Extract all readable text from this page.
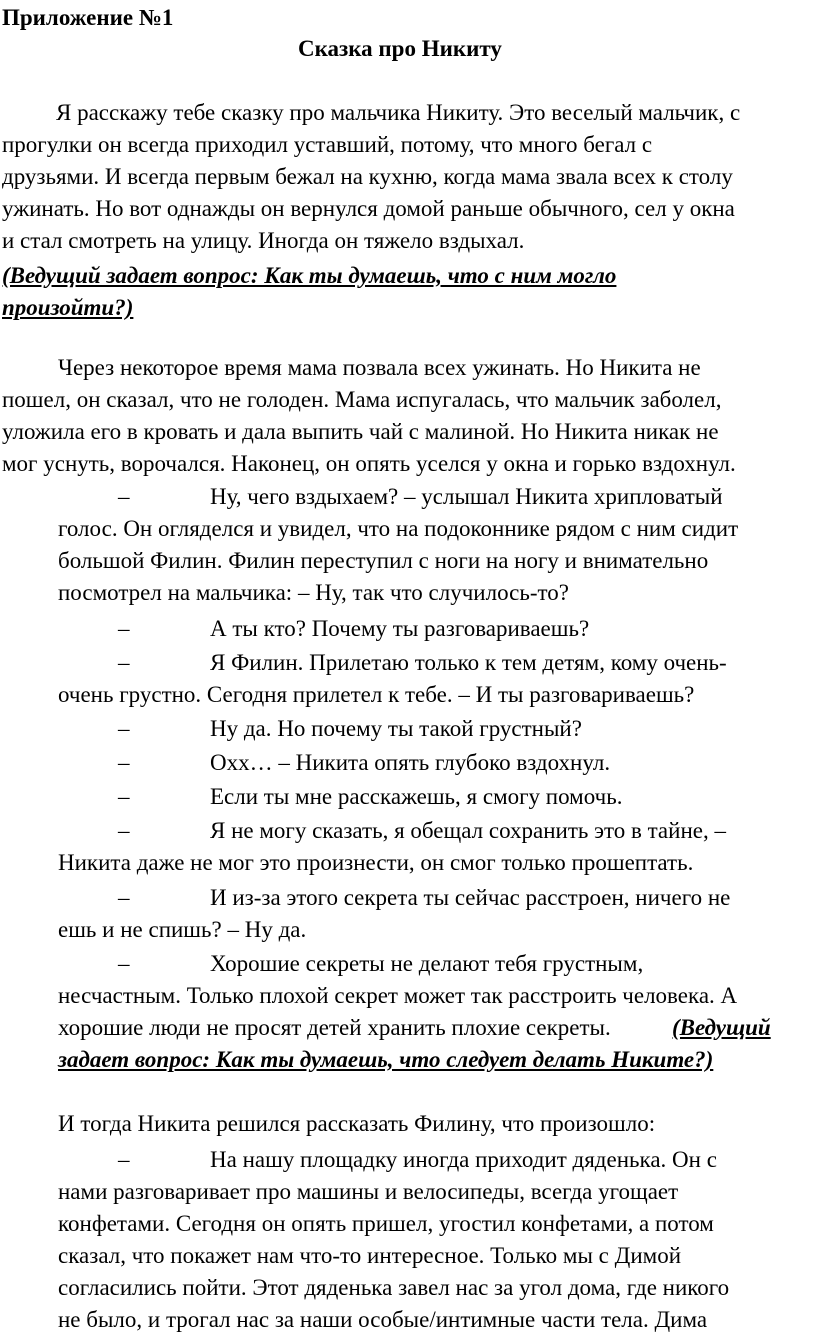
Приложение №1
Сказка про Никиту
Я расскажу тебе сказку про мальчика Никиту. Это веселый мальчик, с
прогулки он всегда приходил уставший, потому, что много бегал с
друзьями. И всегда первым бежал на кухню, когда мама звала всех к столу
ужинать. Но вот однажды он вернулся домой раньше обычного, сел у окна
и стал смотреть на улицу. Иногда он тяжело вздыхал.
(Ведущий задает вопрос: Как ты думаешь, что с ним могло
произойти?)
Через некоторое время мама позвала всех ужинать. Но Никита не
пошел, он сказал, что не голоден. Мама испугалась, что мальчик заболел,
уложила его в кровать и дала выпить чай с малиной. Но Никита никак не
мог уснуть, ворочался. Наконец, он опять уселся у окна и горько вздохнул.
–	Ну, чего вздыхаем? – услышал Никита хрипловатый
голос. Он огляделся и увидел, что на подоконнике рядом с ним сидит
большой Филин. Филин переступил с ноги на ногу и внимательно
посмотрел на мальчика: – Ну, так что случилось-то?
–	А ты кто? Почему ты разговариваешь?
–	Я Филин. Прилетаю только к тем детям, кому очень-
очень грустно. Сегодня прилетел к тебе. – И ты разговариваешь?
–	Ну да. Но почему ты такой грустный?
–	Охх… – Никита опять глубоко вздохнул.
–	Если ты мне расскажешь, я смогу помочь.
–	Я не могу сказать, я обещал сохранить это в тайне, –
Никита даже не мог это произнести, он смог только прошептать.
–	И из-за этого секрета ты сейчас расстроен, ничего не
ешь и не спишь? – Ну да.
–	Хорошие секреты не делают тебя грустным,
несчастным. Только плохой секрет может так расстроить человека. А
хорошие люди не просят детей хранить плохие секреты.	(Ведущий
задает вопрос: Как ты думаешь, что следует делать Никите?)
И тогда Никита решился рассказать Филину, что произошло:
–	На нашу площадку иногда приходит дяденька. Он с
нами разговаривает про машины и велосипеды, всегда угощает
конфетами. Сегодня он опять пришел, угостил конфетами, а потом
сказал, что покажет нам что-то интересное. Только мы с Димой
согласились пойти. Этот дяденька завел нас за угол дома, где никого
не было, и трогал нас за наши особые/интимные части тела. Дима
